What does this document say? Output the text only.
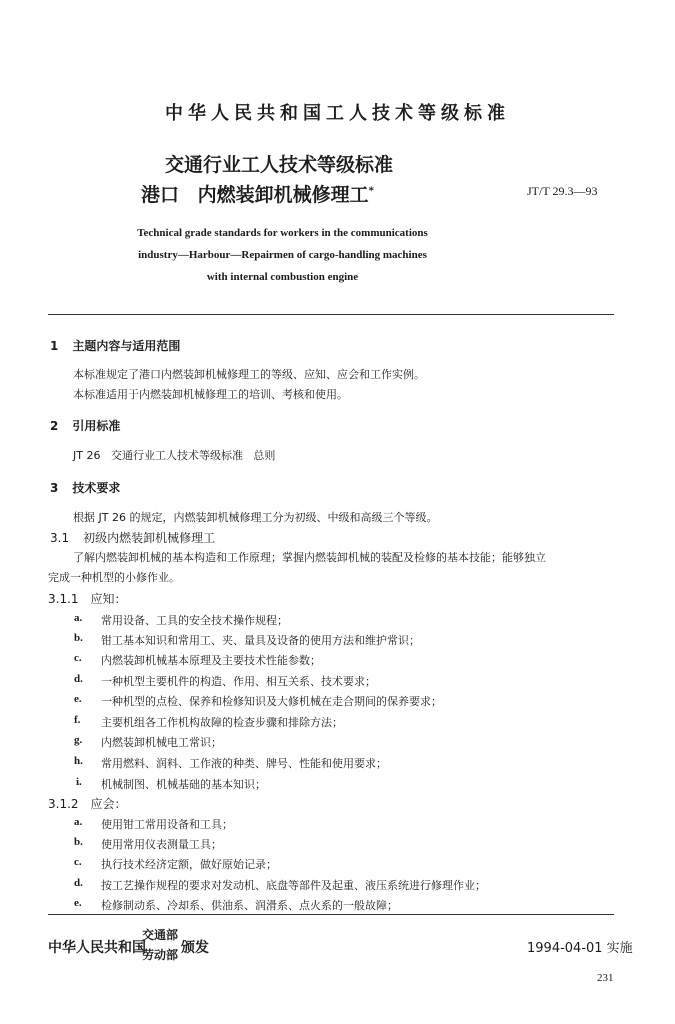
中华人民共和国工人技术等级标准
交通行业工人技术等级标准
港口 内燃装卸机械修理工*	JT/T 29.3—93
Technical grade standards for workers in the communications
industry—Harbour—Repairmen of cargo-handling machines
with internal combustion engine
1 主题内容与适用范围
本标准规定了港口内燃装卸机械修理工的等级、应知、应会和工作实例。
本标准适用于内燃装卸机械修理工的培训、考核和使用。
2 引用标准
JT 26   交通行业工人技术等级标准   总则
3 技术要求
根据 JT 26 的规定，内燃装卸机械修理工分为初级、中级和高级三个等级。
3.1 初级内燃装卸机械修理工
了解内燃装卸机械的基本构造和工作原理；掌握内燃装卸机械的装配及检修的基本技能；能够独立
完成一种机型的小修作业。
3.1.1 应知：
a. 常用设备、工具的安全技术操作规程；
b. 钳工基本知识和常用工、夹、量具及设备的使用方法和维护常识；
c. 内燃装卸机械基本原理及主要技术性能参数；
d. 一种机型主要机件的构造、作用、相互关系、技术要求；
e. 一种机型的点检、保养和检修知识及大修机械在走合期间的保养要求；
f. 主要机组各工作机构故障的检查步骤和排除方法；
g. 内燃装卸机械电工常识；
h. 常用燃料、润料、工作液的种类、牌号、性能和使用要求；
i. 机械制图、机械基础的基本知识；
3.1.2 应会：
a. 使用钳工常用设备和工具；
b. 使用常用仪表测量工具；
c. 执行技术经济定额，做好原始记录；
d. 按工艺操作规程的要求对发动机、底盘等部件及起重、液压系统进行修理作业；
e. 检修制动系、冷却系、供油系、润滑系、点火系的一般故障；
中华人民共和国
交通部
劳动部 颁发	1994-04-01 实施
231
